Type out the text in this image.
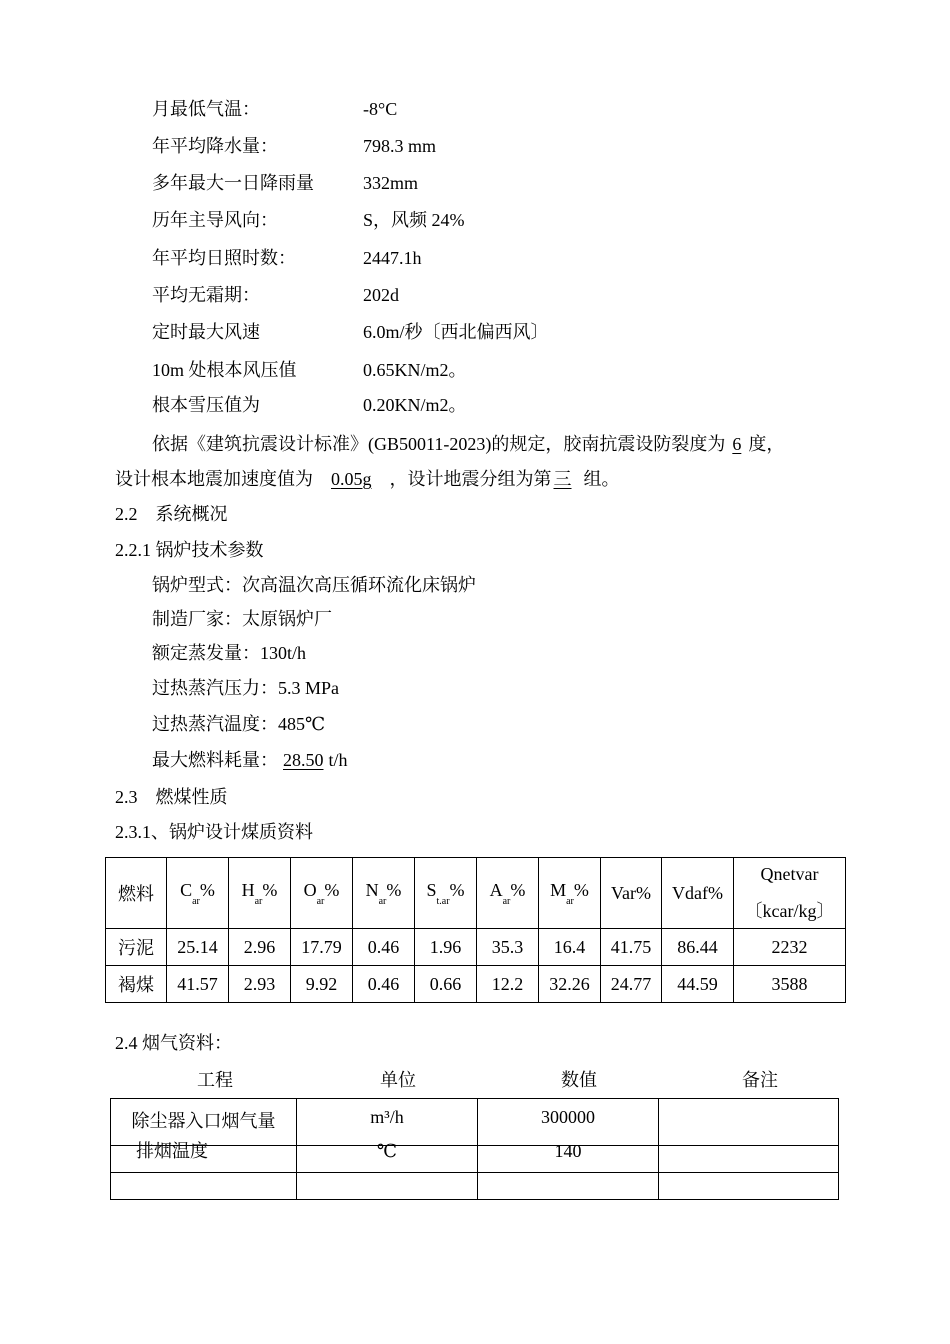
月最低气温：	-8°C
年平均降水量：	798.3 mm
多年最大一日降雨量	332mm
历年主导风向：	S，风频 24%
年平均日照时数：	2447.1h
平均无霜期：	202d
定时最大风速	6.0m/秒〔西北偏西风〕
10m 处根本风压值	0.65KN/m2。
根本雪压值为	0.20KN/m2。
依据《建筑抗震设计标准》(GB50011-2023)的规定，胶南抗震设防裂度为 6 度，
设计根本地震加速度值为 0.05g ，设计地震分组为第 三 组。
2.2　系统概况
2.2.1 锅炉技术参数
锅炉型式：次高温次高压循环流化床锅炉
制造厂家：太原锅炉厂
额定蒸发量：130t/h
过热蒸汽压力：5.3 MPa
过热蒸汽温度：485℃
最大燃料耗量： 28.50 t/h
2.3　燃煤性质
2.3.1、锅炉设计煤质资料
燃料	$C_{ar}\%$	$H_{ar}\%$	$O_{ar}\%$	$N_{ar}\%$	$S_{t.ar}\%$	$A_{ar}\%$	$M_{ar}\%$	Var%	Vdaf%	Qnetvar
〔kcar/kg〕

污泥	25.14	2.96	17.79	0.46	1.96	35.3	16.4	41.75	86.44	2232
褐煤	41.57	2.93	9.92	0.46	0.66	12.2	32.26	24.77	44.59	3588
2.4 烟气资料：
工程	单位	数值	备注
除尘器入口烟气量	m³/h	300000	
排烟温度	℃	140	
